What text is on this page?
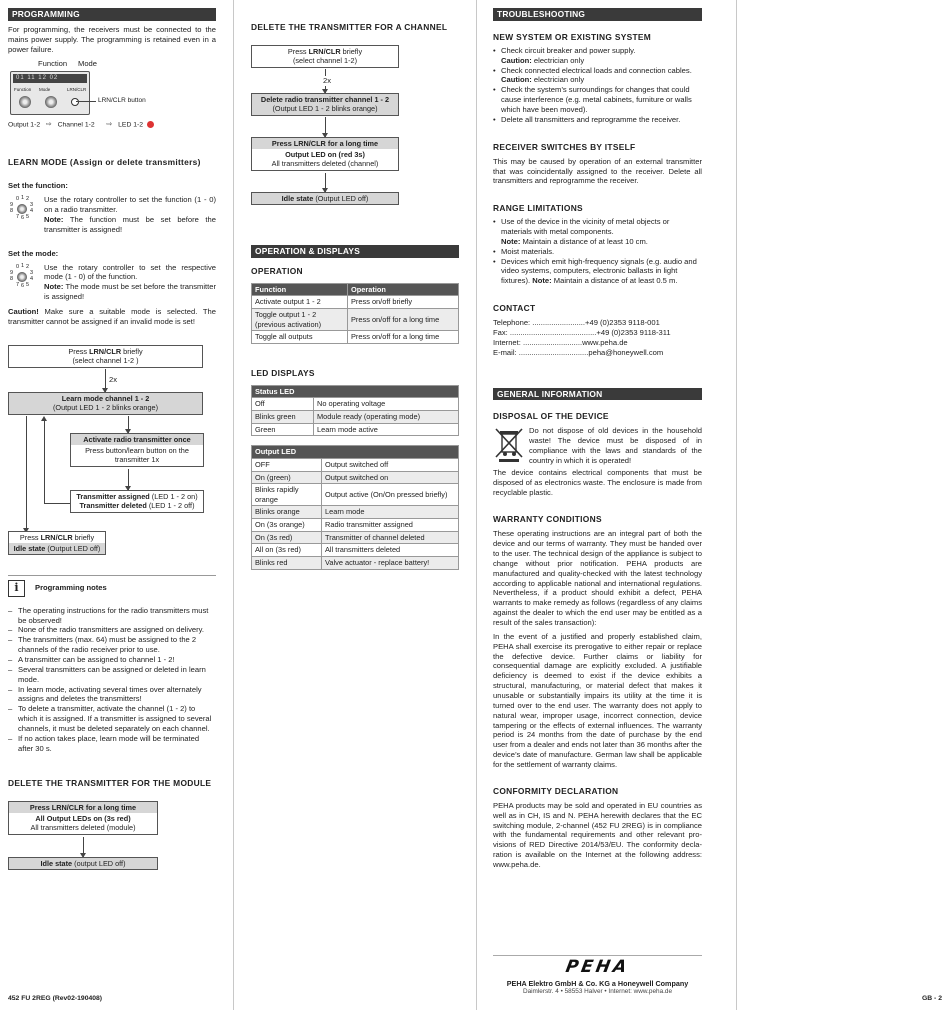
PROGRAMMING

For programming, the receivers must be connected to the mains power supply. The programming is retained even in a power failure.

Function Mode
01 11 12 02
Function Mode	LRN/CLR
LRN/CLR button
Output 1-2 ⇨ Channel 1-2 ⇨ LED 1-2
LEARN MODE (Assign or delete transmitters)
Set the function:
0 1 2
3
4
5
6
7
8
9

Use the rotary controller to set the function (1 - 0) on a radio transmitter.

Note: The function must be set before the transmitter is assigned!

Set the mode:
0 1 2
3
4
5
6
7
8
9

Use the rotary controller to set the respective mode (1 - 0) of the function.

Note: The mode must be set before the transmitter is assigned!

Caution! Make sure a suitable mode is selected. The transmitter cannot be assigned if an invalid mode is set!

Press LRN/CLR briefly
(select channel 1-2 )
2x
Learn mode channel 1 - 2
(Output LED 1 - 2 blinks orange)
Activate radio transmitter once
Press button/learn button on the transmitter 1x
Transmitter assigned (LED 1 - 2 on)
Transmitter deleted (LED 1 - 2 off)
Press LRN/CLR briefly
Idle state (Output LED off)
i	Programming notes
– The operating instructions for the radio transmitters must be observed!
– None of the radio transmitters are assigned on delivery.
– The transmitters (max. 64) must be assigned to the 2 channels of the radio receiver prior to use.
– A transmitter can be assigned to channel 1 - 2!
– Several transmitters can be assigned or deleted in learn mode.
– In learn mode, activating several times over alternately assigns and deletes the transmitters!
– To delete a transmitter, activate the channel (1 - 2) to which it is assigned. If a transmitter is assigned to several channels, it must be deleted separately on each channel.
– If no action takes place, learn mode will be terminated after 30 s.
DELETE THE TRANSMITTER FOR THE MODULE
Press LRN/CLR for a long time
All Output LEDs on (3s red)
All transmitters deleted (module)
Idle state (output LED off)
DELETE THE TRANSMITTER FOR A CHANNEL
Press LRN/CLR briefly
(select channel 1-2)
2x
Delete radio transmitter channel 1 - 2
(Output LED 1 - 2 blinks orange)
Press LRN/CLR for a long time
Output LED on (red 3s)
All transmitters deleted (channel)
Idle state (Output LED off)
OPERATION & DISPLAYS
OPERATION
Function	Operation
Activate output 1 - 2	Press on/off briefly
Toggle output 1 - 2 (previous activation)	Press on/off for a long time
Toggle all outputs	Press on/off for a long time
LED DISPLAYS
Status LED	
Off	No operating voltage
Blinks green	Module ready (operating mode)
Green	Learn mode active
Output LED	
OFF	Output switched off
On (green)	Output switched on
Blinks rapidly orange	Output active (On/On pressed briefly)
Blinks orange	Learn mode
On (3s orange)	Radio transmitter assigned
On (3s red)	Transmitter of channel deleted
All on (3s red)	All transmitters deleted
Blinks red	Valve actuator - replace battery!
TROUBLESHOOTING
NEW SYSTEM OR EXISTING SYSTEM
• Check circuit breaker and power supply.
Caution: electrician only
• Check connected electrical loads and connection cables.
Caution: electrician only
• Check the system’s surroundings for changes that could cause interference (e.g. metal cabinets, furniture or walls which have been moved).
• Delete all transmitters and reprogramme the receiver.
RECEIVER SWITCHES BY ITSELF

This may be caused by operation of an external transmitter that was coincidentally assigned to the receiver. Delete all transmitters and reprogramme the receiver.

RANGE LIMITATIONS
• Use of the device in the vicinity of metal objects or materials with metal components.
Note: Maintain a distance of at least 10 cm.
• Moist materials.
• Devices which emit high-frequency signals (e.g. audio and video systems, computers, electronic ballasts in light fixtures). Note: Maintain a distance of at least 0.5 m.
CONTACT
Telephone: .........................+49 (0)2353 9118-001
Fax: .........................................+49 (0)2353 9118-311
Internet: ............................www.peha.de
E-mail: .................................peha@honeywell.com
GENERAL INFORMATION
DISPOSAL OF THE DEVICE

Do not dispose of old devices in the household waste! The device must be disposed of in compliance with the laws and standards of the country in which it is operated!

The device contains electrical components that must be disposed of as electronics waste. The enclosure is made from recyclable plastic.

WARRANTY CONDITIONS

These operating instructions are an integral part of both the device and our terms of warranty. They must be handed over to the user. The technical design of the appliance is subject to change without prior notification. PEHA products are manufactured and quality-checked with the latest technology according to applicable national and international regulations. Nevertheless, if a product should exhibit a defect, PEHA warrants to make remedy as follows (regardless of any claims against the dealer to which the end user may be entitled as a result of the sales transaction):

In the event of a justified and properly established claim, PEHA shall exercise its prerogative to either repair or replace the defective device. Further claims or liability for consequential damage are explicitly excluded. A justifiable deficiency is deemed to exist if the device exhibits a structural, manufacturing, or material defect that makes it unusable or substantially impairs its utility at the time it is turned over to the end user. The warranty does not apply to natural wear, improper usage, incorrect connection, device tampering or the effects of external influences. The warranty period is 24 months from the date of purchase by the end user from a dealer and ends not later than 36 months after the device’s date of manufacture. German law shall be applicable for the settlement of warranty claims.

CONFORMITY DECLARATION

PEHA products may be sold and operated in EU countries as well as in CH, IS and N. PEHA herewith declares that the EC switching module, 2-channel (452 FU 2REG) is in compliance with the fundamental requirements and other relevant pro-visions of RED Directive 2014/53/EU. The conformity decla-ration is available on the Internet at the following address: www.peha.de.

PEHA
PEHA Elektro GmbH & Co. KG a Honeywell Company
Daimlerstr. 4 • 58553 Halver • Internet: www.peha.de
452 FU 2REG (Rev02-190408)	GB - 2
